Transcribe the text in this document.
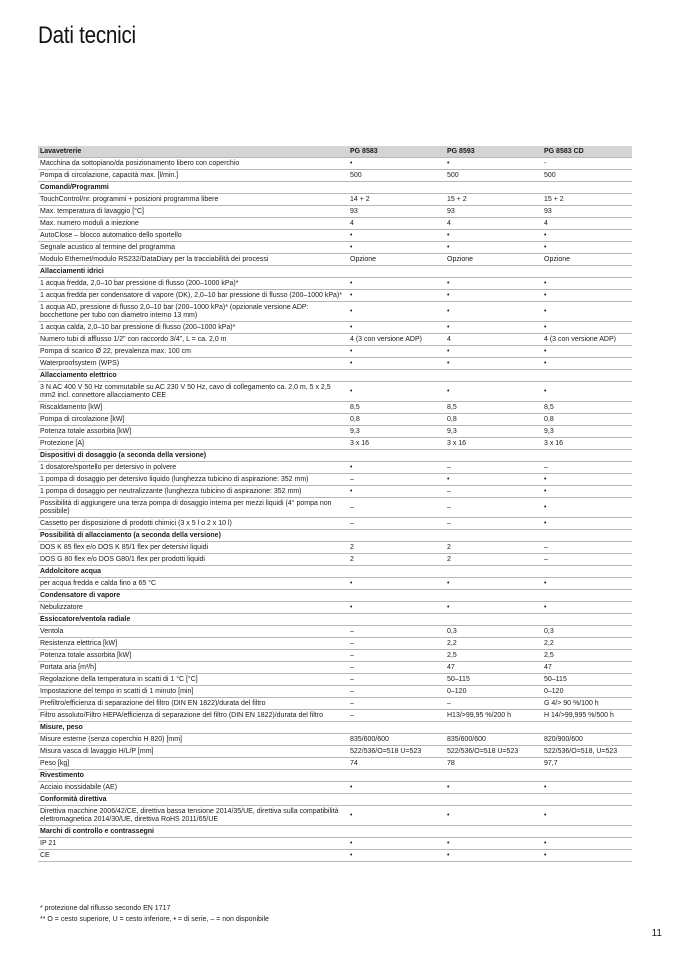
Dati tecnici
Lavavetrerie	PG 8583	PG 8593	PG 8583 CD
Macchina da sottopiano/da posizionamento libero con coperchio	•	•	-
Pompa di circolazione, capacità max. [l/min.]	500	500	500
Comandi/Programmi			
TouchControl/nr. programmi + posizioni programma libere	14 + 2	15 + 2	15 + 2
Max. temperatura di lavaggio [°C]	93	93	93
Max. numero moduli a iniezione	4	4	4
AutoClose – blocco automatico dello sportello	•	•	•
Segnale acustico al termine del programma	•	•	•
Modulo Ethernet/modulo RS232/DataDiary per la tracciabilità dei processi	Opzione	Opzione	Opzione
Allacciamenti idrici			
1 acqua fredda, 2,0–10 bar pressione di flusso (200–1000 kPa)*	•	•	•
1 acqua fredda per condensatore di vapore (DK), 2,0–10 bar pressione di flusso (200–1000 kPa)*	•	•	•
1 acqua AD, pressione di flusso 2,0–10 bar (200–1000 kPa)* (opzionale versione ADP: bocchettone per tubo con diametro interno 13 mm)	•	•	•
1 acqua calda, 2,0–10 bar pressione di flusso (200–1000 kPa)*	•	•	•
Numero tubi di afflusso 1/2" con raccordo 3/4", L = ca. 2,0 m	4 (3 con versione ADP)	4	4 (3 con versione ADP)
Pompa di scarico Ø 22, prevalenza max. 100 cm	•	•	•
Waterproofsystem (WPS)	•	•	•
Allacciamento elettrico			
3 N AC 400 V 50 Hz commutabile su AC 230 V 50 Hz, cavo di collegamento ca. 2,0 m, 5 x 2,5 mm2 incl. connettore allacciamento CEE	•	•	•
Riscaldamento [kW]	8,5	8,5	8,5
Pompa di circolazione [kW]	0,8	0,8	0,8
Potenza totale assorbita [kW]	9,3	9,3	9,3
Protezione [A]	3 x 16	3 x 16	3 x 16
Dispositivi di dosaggio (a seconda della versione)			
1 dosatore/sportello per detersivo in polvere	•	–	–
1 pompa di dosaggio per detersivo liquido (lunghezza tubicino di aspirazione: 352 mm)	–	•	•
1 pompa di dosaggio per neutralizzante (lunghezza tubicino di aspirazione: 352 mm)	•	–	•
Possibilità di aggiungere una terza pompa di dosaggio interna per mezzi liquidi (4° pompa non possibile)	–	–	•
Cassetto per disposizione di prodotti chimici (3 x 5 l o 2 x 10 l)	–	–	•
Possibilità di allacciamento (a seconda della versione)			
DOS K 85 flex e/o DOS K 85/1 flex per detersivi liquidi	2	2	–
DOS G 80 flex e/o DOS G80/1 flex per prodotti liquidi	2	2	–
Addolcitore acqua			
per acqua fredda e calda fino a 65 °C	•	•	•
Condensatore di vapore			
Nebulizzatore	•	•	•
Essiccatore/ventola radiale			
Ventola	–	0,3	0,3
Resistenza elettrica [kW]	–	2,2	2,2
Potenza totale assorbita [kW]	–	2,5	2,5
Portata aria [m³/h]	–	47	47
Regolazione della temperatura in scatti di 1 °C [°C]	–	50–115	50–115
Impostazione del tempo in scatti di 1 minuto [min]	–	0–120	0–120
Prefiltro/efficienza di separazione del filtro (DIN EN 1822)/durata del filtro	–	–	G 4/> 90 %/100 h
Filtro assoluto/Filtro HEPA/efficienza di separazione del filtro (DIN EN 1822)/durata del filtro	–	H13/>99,95 %/200 h	H 14/>99,995 %/500 h
Misure, peso			
Misure esterne (senza coperchio H 820) [mm]	835/600/600	835/600/600	820/900/600
Misura vasca di lavaggio H/L/P [mm]	522/536/O=518 U=523	522/536/O=518 U=523	522/536/O=518, U=523
Peso [kg]	74	78	97,7
Rivestimento			
Acciaio inossidabile (AE)	•	•	•
Conformità direttiva			
Direttiva macchine 2006/42/CE, direttiva bassa tensione 2014/35/UE, direttiva sulla compatibilità elettromagnetica 2014/30/UE, direttiva RoHS 2011/65/UE	•	•	•
Marchi di controllo e contrassegni			
IP 21	•	•	•
CE	•	•	•
* protezione dal riflusso secondo EN 1717
** O = cesto superiore, U = cesto inferiore, • = di serie, – = non disponibile
11
